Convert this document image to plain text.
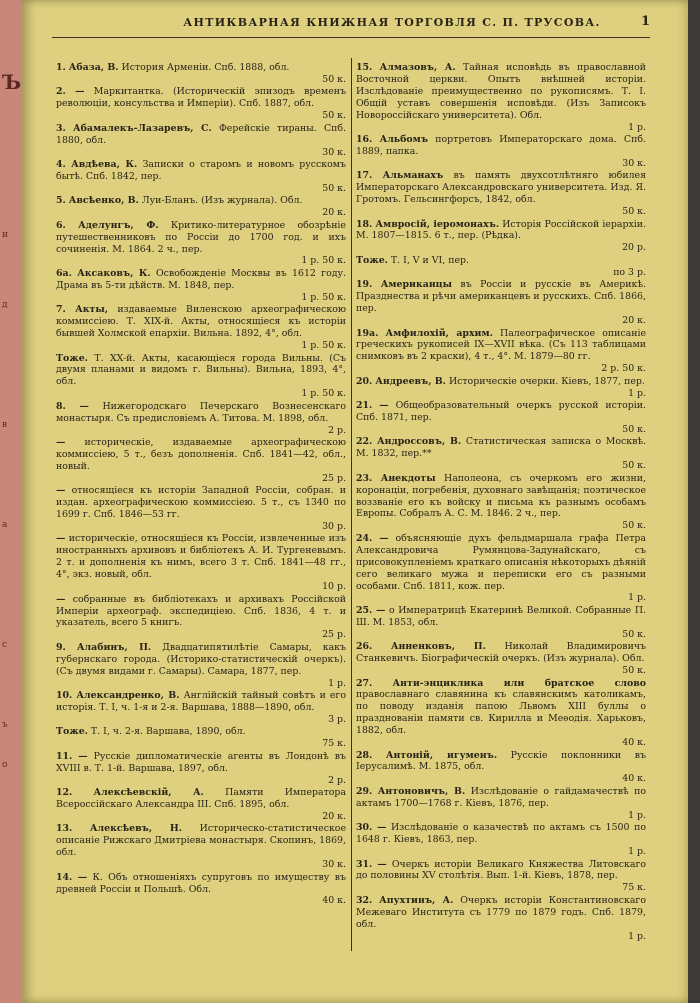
Ъ
и
д
в
а
с
ъ
о
АНТИКВАРНАЯ КНИЖНАЯ ТОРГОВЛЯ С. П. ТРУСОВА.	1
1. Абаза, В. История Арменiи. Спб. 1888, обл.
50 к.
2. — Маркитантка. (Историческiй эпизодъ временъ революцiи, консульства и Имперiи). Спб. 1887, обл.
50 к.
3. Абамалекъ-Лазаревъ, С. Ферейскiе тираны. Спб. 1880, обл.
30 к.
4. Авдѣева, К. Записки о старомъ и новомъ русскомъ бытѣ. Спб. 1842, пер.
50 к.
5. Авсѣенко, В. Луи-Бланъ. (Изъ журнала). Обл.
20 к.
6. Аделунгъ, Ф. Критико-литературное обозрѣнiе путешественниковъ по Россiи до 1700 год. и ихъ сочиненiя. М. 1864. 2 ч., пер.
1 р. 50 к.
6а. Аксаковъ, К. Освобожденiе Москвы въ 1612 году. Драма въ 5-ти дѣйств. М. 1848, пер.
1 р. 50 к.
7. Акты, издаваемые Виленскою археографическою коммиссiею. Т. XIX-й. Акты, относящiеся къ исторiи бывшей Холмской епархiи. Вильна. 1892, 4°, обл.
1 р. 50 к.
Тоже. Т. XX-й. Акты, касающiеся города Вильны. (Съ двумя планами и видомъ г. Вильны). Вильна, 1893, 4°, обл.
1 р. 50 к.
8. — Нижегородскаго Печерскаго Вознесенскаго монастыря. Съ предисловiемъ А. Титова. М. 1898, обл.
2 р.
— историческiе, издаваемые археографическою коммиссiею, 5 т., безъ дополненiя. Спб. 1841—42, обл., новый.
25 р.
— относящiеся къ исторiи Западной Россiи, собран. и издан. археографическою коммиссiею. 5 т., съ 1340 по 1699 г. Спб. 1846—53 гг.
30 р.
— историческiе, относящiеся къ Россiи, извлеченные изъ иностранныхъ архивовъ и библiотекъ А. И. Тургеневымъ. 2 т. и дополненiя къ нимъ, всего 3 т. Спб. 1841—48 гг., 4°, экз. новый, обл.
10 р.
— собранные въ библiотекахъ и архивахъ Россiйской Имперiи археограф. экспедицiею. Спб. 1836, 4 т. и указатель, всего 5 книгъ.
25 р.
9. Алабинъ, П. Двадцатипятилѣтiе Самары, какъ губернскаго города. (Историко-статистическiй очеркъ). (Съ двумя видами г. Самары). Самара, 1877, пер.
1 р.
10. Александренко, В. Англiйскiй тайный совѣтъ и его исторiя. Т. I, ч. 1-я и 2-я. Варшава, 1888—1890, обл.
3 р.
Тоже. Т. I, ч. 2-я. Варшава, 1890, обл.
75 к.
11. — Русскiе дипломатическiе агенты въ Лондонѣ въ XVIII в. Т. 1-й. Варшава, 1897, обл.
2 р.
12. Алексѣевскiй, А. Памяти Императора Всероссiйскаго Александра III. Спб. 1895, обл.
20 к.
13. Алексѣевъ, Н. Историческо-статистическое описанiе Рижскаго Дмитрiева монастыря. Скопинъ, 1869, обл.
30 к.
14. — К. Объ отношенiяхъ супруговъ по имуществу въ древней Россiи и Польшѣ. Обл.
40 к.
15. Алмазовъ, А. Тайная исповѣдь въ православной Восточной церкви. Опытъ внѣшней исторiи. Изслѣдованiе преимущественно по рукописямъ. Т. I. Общiй уставъ совершенiя исповѣди. (Изъ Записокъ Новороссiйскаго университета). Обл.
1 р.
16. Альбомъ портретовъ Императорскаго дома. Спб. 1889, папка.
30 к.
17. Альманахъ въ память двухсотлѣтняго юбилея Императорскаго Александровскаго университета. Изд. Я. Гротомъ. Гельсингфорсъ, 1842, обл.
50 к.
18. Амвросiй, iеромонахъ. Исторiя Россiйской iерархiи. М. 1807—1815. 6 т., пер. (Рѣдка).
20 р.
Тоже. Т. I, V и VI, пер.
по 3 р.
19. Американцы въ Россiи и русскiе въ Америкѣ. Празднества и рѣчи американцевъ и русскихъ. Спб. 1866, пер.
20 к.
19а. Амфилохiй, архим. Палеографическое описанiе греческихъ рукописей IX—XVII вѣка. (Съ 113 таблицами снимковъ въ 2 краски), 4 т., 4°. М. 1879—80 гг.
2 р. 50 к.
20. Андреевъ, В. Историческiе очерки. Кiевъ, 1877, пер.
1 р.
21. — Общеобразовательный очеркъ русской исторiи. Спб. 1871, пер.
50 к.
22. Андроссовъ, В. Статистическая записка о Москвѣ. М. 1832, пер.**
50 к.
23. Анекдоты Наполеона, съ очеркомъ его жизни, коронацiи, погребенiя, духовнаго завѣщанiя; поэтическое воззванiе его къ войску и письма къ разнымъ особамъ Европы. Собралъ А. С. М. 1846. 2 ч., пер.
50 к.
24. — объясняющiе духъ фельдмаршала графа Петра Александровича Румянцова-Задунайскаго, съ присовокупленiемъ краткаго описанiя нѣкоторыхъ дѣянiй сего великаго мужа и переписки его съ разными особами. Спб. 1811, кож. пер.
1 р.
25. — о Императрицѣ Екатеринѣ Великой. Собранные П. Ш. М. 1853, обл.
50 к.
26. Анненковъ, П. Николай Владимировичъ Станкевичъ. Бiографическiй очеркъ. (Изъ журнала). Обл.
50 к.
27. Анти-энциклика или братское слово православнаго славянина къ славянскимъ католикамъ, по поводу изданiя папою Львомъ XIII буллы о празднованiи памяти св. Кирилла и Меѳодiя. Харьковъ, 1882, обл.
40 к.
28. Антонiй, игуменъ. Русскiе поклонники въ Iерусалимѣ. М. 1875, обл.
40 к.
29. Антоновичъ, В. Изслѣдованiе о гайдамачествѣ по актамъ 1700—1768 г. Кiевъ, 1876, пер.
1 р.
30. — Изслѣдованiе о казачествѣ по актамъ съ 1500 по 1648 г. Кiевъ, 1863, пер.
1 р.
31. — Очеркъ исторiи Великаго Княжества Литовскаго до половины XV столѣтiя. Вып. 1-й. Кiевъ, 1878, пер.
75 к.
32. Апухтинъ, А. Очеркъ исторiи Константиновскаго Межеваго Института съ 1779 по 1879 годъ. Спб. 1879, обл.
1 р.
